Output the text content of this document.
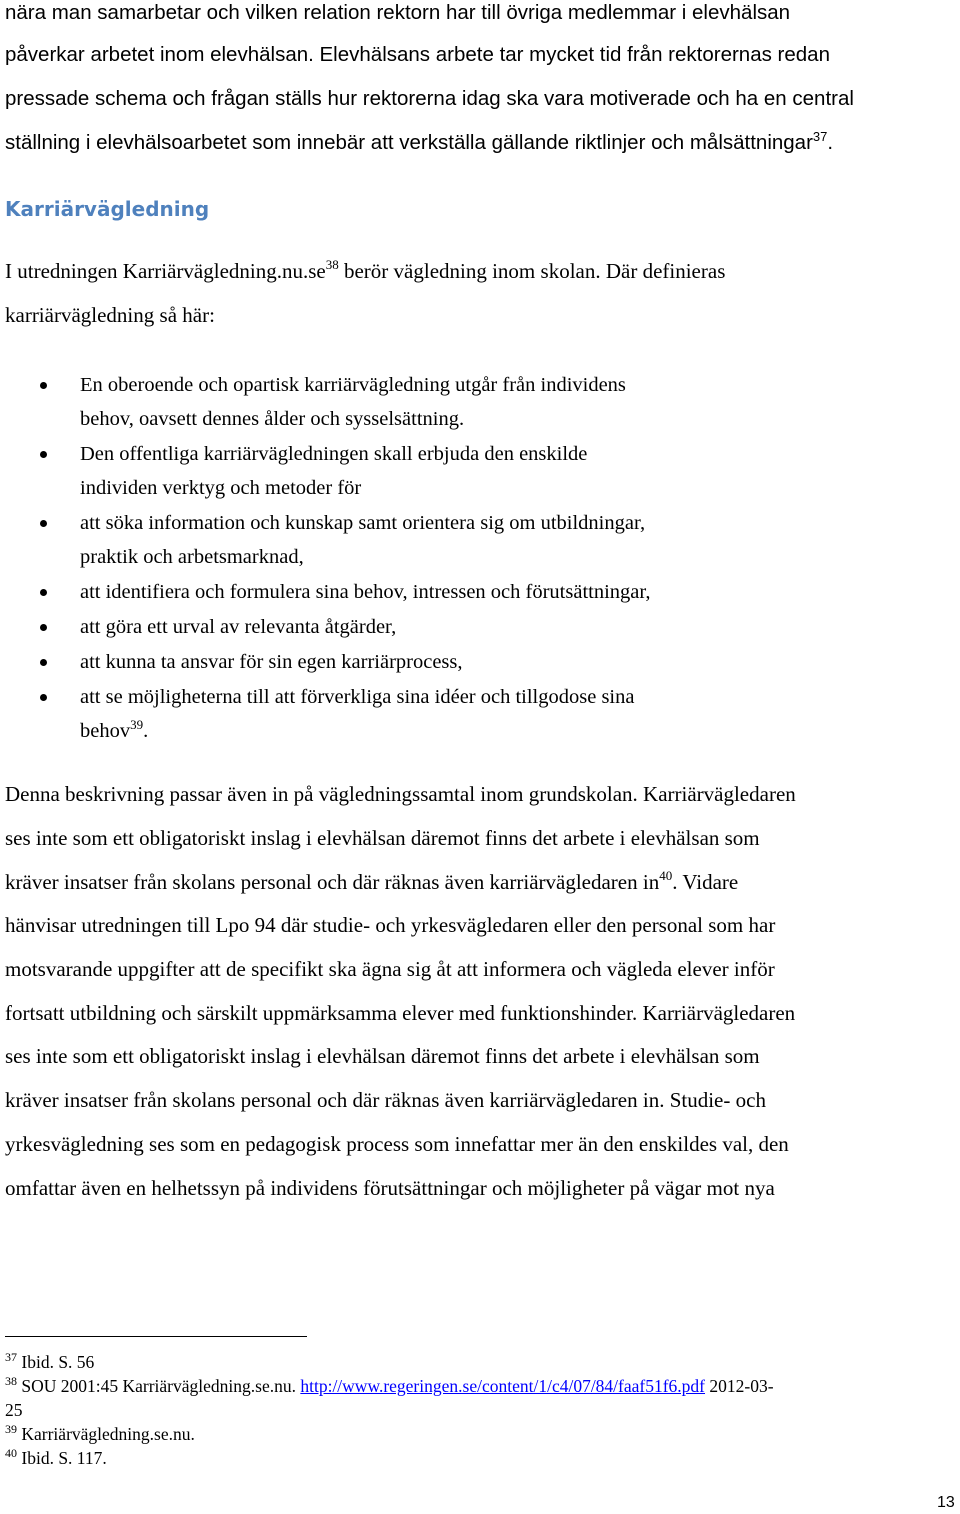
nära man samarbetar och vilken relation rektorn har till övriga medlemmar i elevhälsan
påverkar arbetet inom elevhälsan. Elevhälsans arbete tar mycket tid från rektorernas redan
pressade schema och frågan ställs hur rektorerna idag ska vara motiverade och ha en central
ställning i elevhälsoarbetet som innebär att verkställa gällande riktlinjer och målsättningar$^{37}$.
Karriärvägledning
I utredningen $Karriärvägledning.nu.se^{38}$ berör vägledning inom skolan. Där definieras
karriärvägledning så här:
En oberoende och opartisk karriärvägledning utgår från individens
behov, oavsett dennes ålder och sysselsättning.
Den offentliga karriärvägledningen skall erbjuda den enskilde
individen verktyg och metoder för
att söka information och kunskap samt orientera sig om utbildningar,
praktik och arbetsmarknad,
att identifiera och formulera sina behov, intressen och förutsättningar,
att göra ett urval av relevanta åtgärder,
att kunna ta ansvar för sin egen karriärprocess,
att se möjligheterna till att förverkliga sina idéer och tillgodose sina
behov$^{39}$.
Denna beskrivning passar även in på vägledningssamtal inom grundskolan. Karriärvägledaren
ses inte som ett obligatoriskt inslag i elevhälsan däremot finns det arbete i elevhälsan som
kräver insatser från skolans personal och där räknas även karriärvägledaren $in^{40}$. Vidare
hänvisar utredningen till Lpo 94 där studie- och yrkesvägledaren eller den personal som har
motsvarande uppgifter att de specifikt ska ägna sig åt att informera och vägleda elever inför
fortsatt utbildning och särskilt uppmärksamma elever med funktionshinder. Karriärvägledaren
ses inte som ett obligatoriskt inslag i elevhälsan däremot finns det arbete i elevhälsan som
kräver insatser från skolans personal och där räknas även karriärvägledaren in. Studie- och
yrkesvägledning ses som en pedagogisk process som innefattar mer än den enskildes val, den
omfattar även en helhetssyn på individens förutsättningar och möjligheter på vägar mot nya
$^{37}$ Ibid. S. 56
$^{38}$ SOU 2001:45 Karriärvägledning.se.nu. http://www.regeringen.se/content/1/c4/07/84/faaf51f6.pdf 2012-03-
25
$^{39}$ Karriärvägledning.se.nu.
$^{40}$ Ibid. S. 117.
13
